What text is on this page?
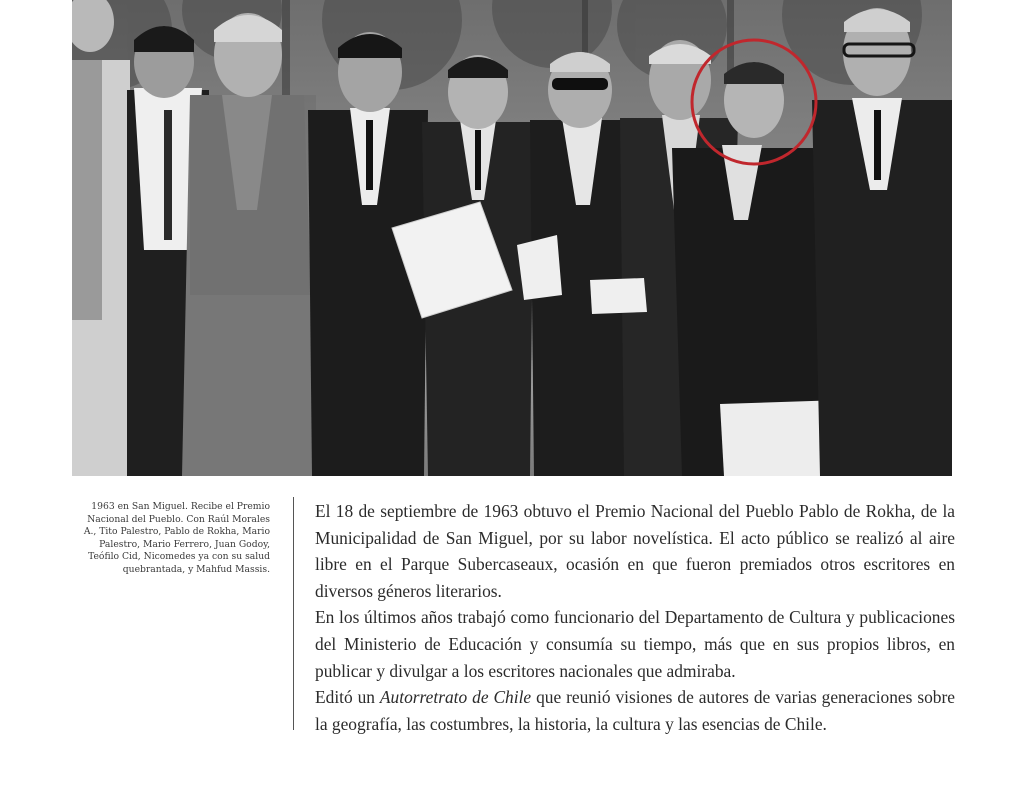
1963 en San Miguel. Recibe el Premio Nacional del Pueblo. Con Raúl Morales A., Tito Palestro, Pablo de Rokha, Mario Palestro, Mario Ferrero, Juan Godoy, Teófilo Cid, Nicomedes ya con su salud quebrantada, y Mahfud Massis.

El 18 de septiembre de 1963 obtuvo el Premio Nacional del Pueblo Pablo de Rokha, de la Municipalidad de San Miguel, por su labor novelística. El acto público se realizó al aire libre en el Parque Subercaseaux, ocasión en que fueron premiados otros escritores en diversos géneros literarios.

En los últimos años trabajó como funcionario del Departamento de Cultura y publicaciones del Ministerio de Educación y consumía su tiempo, más que en sus propios libros, en publicar y divulgar a los escritores nacionales que admiraba.

Editó un Autorretrato de Chile que reunió visiones de autores de varias generaciones sobre la geografía, las costumbres, la historia, la cultura y las esencias de Chile.
